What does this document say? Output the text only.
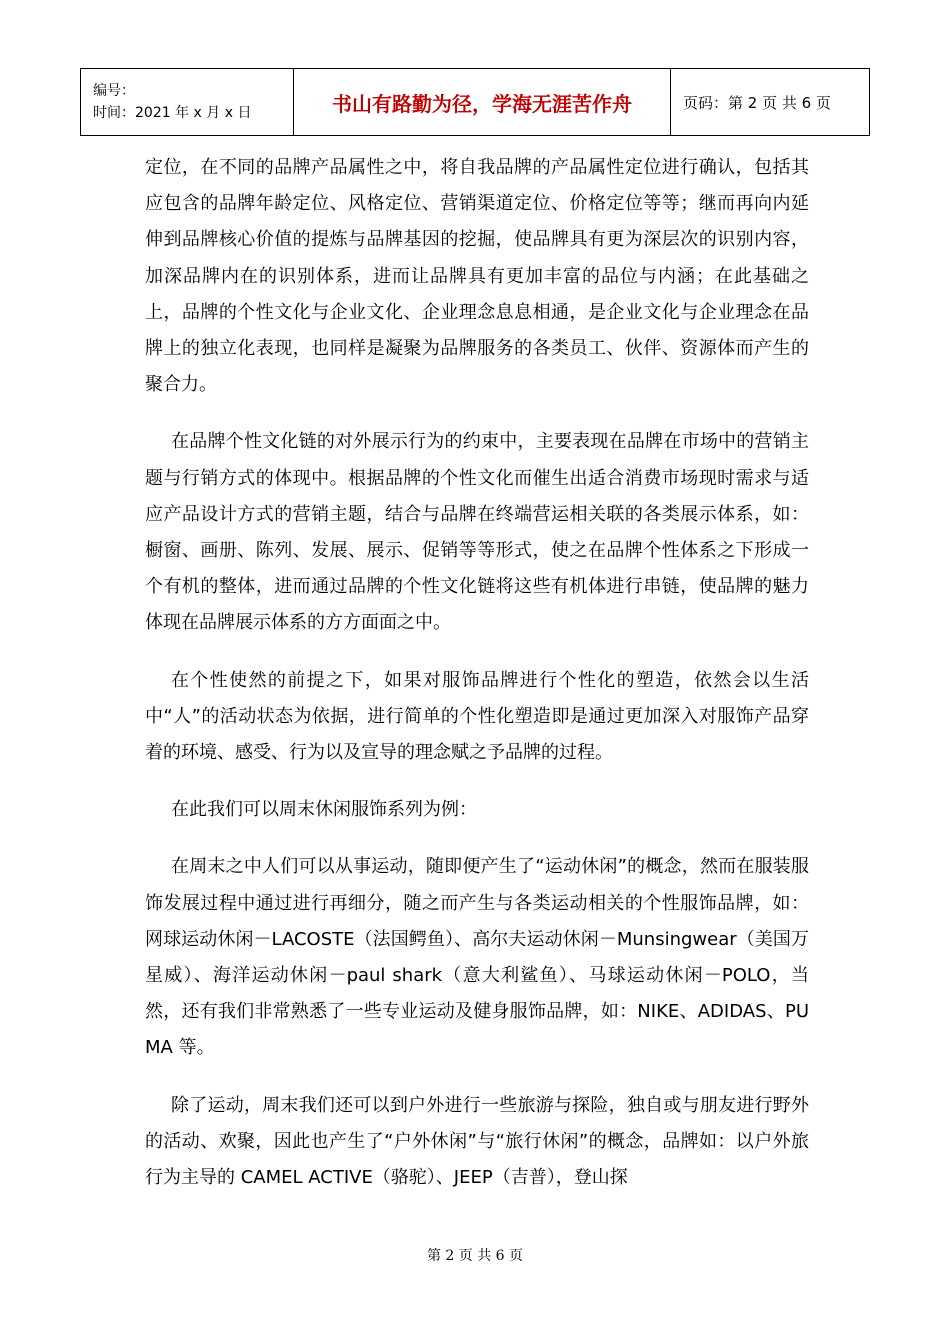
编号：
时间：2021 年 x 月 x 日	书山有路勤为径，学海无涯苦作舟	页码：第 2 页 共 6 页

定位，在不同的品牌产品属性之中，将自我品牌的产品属性定位进行确认，包括其应包含的品牌年龄定位、风格定位、营销渠道定位、价格定位等等；继而再向内延伸到品牌核心价值的提炼与品牌基因的挖掘，使品牌具有更为深层次的识别内容，加深品牌内在的识别体系，进而让品牌具有更加丰富的品位与内涵；在此基础之上，品牌的个性文化与企业文化、企业理念息息相通，是企业文化与企业理念在品牌上的独立化表现，也同样是凝聚为品牌服务的各类员工、伙伴、资源体而产生的聚合力。

在品牌个性文化链的对外展示行为的约束中，主要表现在品牌在市场中的营销主题与行销方式的体现中。根据品牌的个性文化而催生出适合消费市场现时需求与适应产品设计方式的营销主题，结合与品牌在终端营运相关联的各类展示体系，如：橱窗、画册、陈列、发展、展示、促销等等形式，使之在品牌个性体系之下形成一个有机的整体，进而通过品牌的个性文化链将这些有机体进行串链，使品牌的魅力体现在品牌展示体系的方方面面之中。

在个性使然的前提之下，如果对服饰品牌进行个性化的塑造，依然会以生活中“人”的活动状态为依据，进行简单的个性化塑造即是通过更加深入对服饰产品穿着的环境、感受、行为以及宣导的理念赋之予品牌的过程。

在此我们可以周末休闲服饰系列为例：

在周末之中人们可以从事运动，随即便产生了“运动休闲”的概念，然而在服装服饰发展过程中通过进行再细分，随之而产生与各类运动相关的个性服饰品牌，如：网球运动休闲－LACOSTE（法国鳄鱼）、高尔夫运动休闲－Munsingwear（美国万星威）、海洋运动休闲－paul shark（意大利鲨鱼）、马球运动休闲－POLO，当然，还有我们非常熟悉了一些专业运动及健身服饰品牌，如：NIKE、ADIDAS、PUMA 等。

除了运动，周末我们还可以到户外进行一些旅游与探险，独自或与朋友进行野外的活动、欢聚，因此也产生了“户外休闲”与“旅行休闲”的概念，品牌如：以户外旅行为主导的 CAMEL ACTIVE（骆驼）、JEEP（吉普），登山探

第 2 页 共 6 页
